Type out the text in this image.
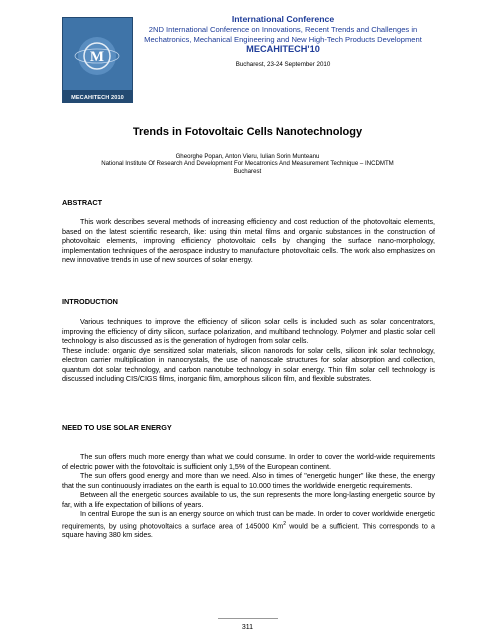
M
MECAHITECH 2010
International Conference
2ND International Conference on Innovations, Recent Trends and Challenges in Mechatronics, Mechanical Engineering and New High-Tech Products Development
MECAHITECH'10
Bucharest, 23-24 September 2010
Trends in Fotovoltaic Cells Nanotechnology
Gheorghe Popan, Anton Vieru, Iulian Sorin Munteanu
National Institute Of Research And Development For Mecatronics And Measurement Technique – INCDMTM
Bucharest
ABSTRACT

This work describes several methods of increasing efficiency and cost reduction of the photovoltaic elements, based on the latest scientific research, like: using thin metal films and organic substances in the construction of photovoltaic elements, improving efficiency photovoltaic cells by changing the surface nano-morphology, implementation techniques of the aerospace industry to manufacture photovoltaic cells. The work also emphasizes on new innovative trends in use of new sources of solar energy.

INTRODUCTION

Various techniques to improve the efficiency of silicon solar cells is included such as solar concentrators, improving the efficiency of dirty silicon, surface polarization, and multiband technology. Polymer and plastic solar cell technology is also discussed as is the generation of hydrogen from solar cells.

These include: organic dye sensitized solar materials, silicon nanorods for solar cells, silicon ink solar technology, electron carrier multiplication in nanocrystals, the use of nanoscale structures for solar absorption and collection, quantum dot solar technology, and carbon nanotube technology in solar energy. Thin film solar cell technology is discussed including CIS/CIGS films, inorganic film, amorphous silicon film, and flexible substrates.

NEED TO USE SOLAR ENERGY

The sun offers much more energy than what we could consume. In order to cover the world-wide requirements of electric power with the fotovoltaic is sufficient only 1,5% of the European continent.

The sun offers good energy and more than we need. Also in times of "energetic hunger" like these, the energy that the sun continuously irradiates on the earth is equal to 10.000 times the worldwide energetic requirements.

Between all the energetic sources available to us, the sun represents the more long-lasting energetic source by far, with a life expectation of billions of years.

In central Europe the sun is an energy source on which trust can be made. In order to cover worldwide energetic requirements, by using photovoltaics a surface area of 145000 Km$^2$ would be a sufficient. This corresponds to a square having 380 km sides.

311
